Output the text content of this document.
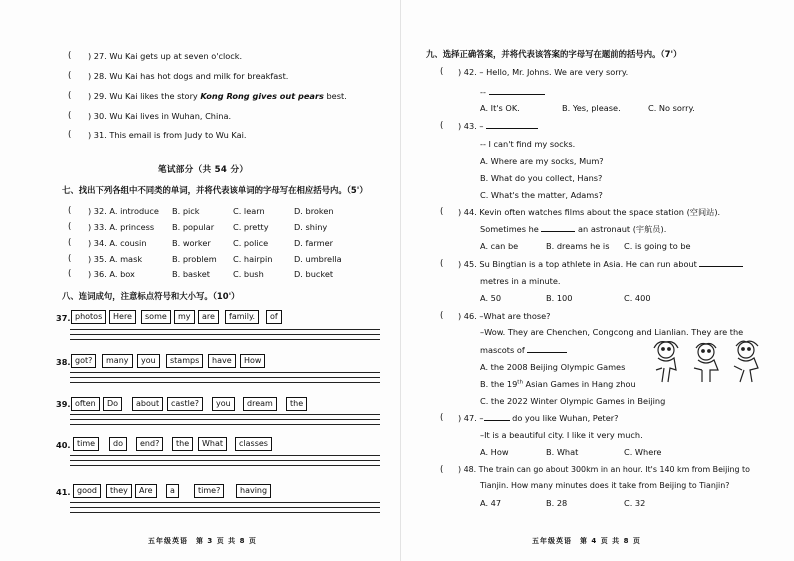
( ) 27. Wu Kai gets up at seven o'clock.
( ) 28. Wu Kai has hot dogs and milk for breakfast.
( ) 29. Wu Kai likes the story Kong Rong gives out pears best.
( ) 30. Wu Kai lives in Wuhan, China.
( ) 31. This email is from Judy to Wu Kai.
笔试部分（共 54 分）
七、找出下列各组中不同类的单词，并将代表该单词的字母写在相应括号内。（5'）
( ) 32. A. introduce B. pick	C. learn	D. broken
( ) 33. A. princess B. popular C. pretty	D. shiny
( ) 34. A. cousin	B. worker	C. police	D. farmer
( ) 35. A. mask	B. problem C. hairpin	D. umbrella
( ) 36. A. box	B. basket	C. bush	D. bucket
八、连词成句，注意标点符号和大小写。（10'）
37. photos	Here	some	my	are	family.	of
38. got?	many	you	stamps	have	How
39. often	Do	about	castle?	you	dream	the
40. time	do	end?	the	What	classes
41. good	they	Are	a	time?	having
五年级英语　第 3 页 共 8 页
九、选择正确答案，并将代表该答案的字母写在题前的括号内。（7'）
( ) 42. – Hello, Mr. Johns. We are very sorry.
--
A. It's OK.	B. Yes, please.	C. No sorry.
( ) 43. –
-- I can't find my socks.
A. Where are my socks, Mum?
B. What do you collect, Hans?
C. What's the matter, Adams?
( ) 44. Kevin often watches films about the space station (空间站).
Sometimes he	an astronaut (宇航员).
A. can be	B. dreams he is C. is going to be
( ) 45. Su Bingtian is a top athlete in Asia. He can run about
metres in a minute.
A. 50	B. 100	C. 400
( ) 46. –What are those?
–Wow. They are Chenchen, Congcong and Lianlian. They are the
mascots of
A. the 2008 Beijing Olympic Games
B. the 19th Asian Games in Hang zhou
C. the 2022 Winter Olympic Games in Beijing
( ) 47. –	do you like Wuhan, Peter?
–It is a beautiful city. I like it very much.
A. How	B. What	C. Where
( ) 48. The train can go about 300km in an hour. It's 140 km from Beijing to
Tianjin. How many minutes does it take from Beijing to Tianjin?
A. 47	B. 28	C. 32
五年级英语　第 4 页 共 8 页
